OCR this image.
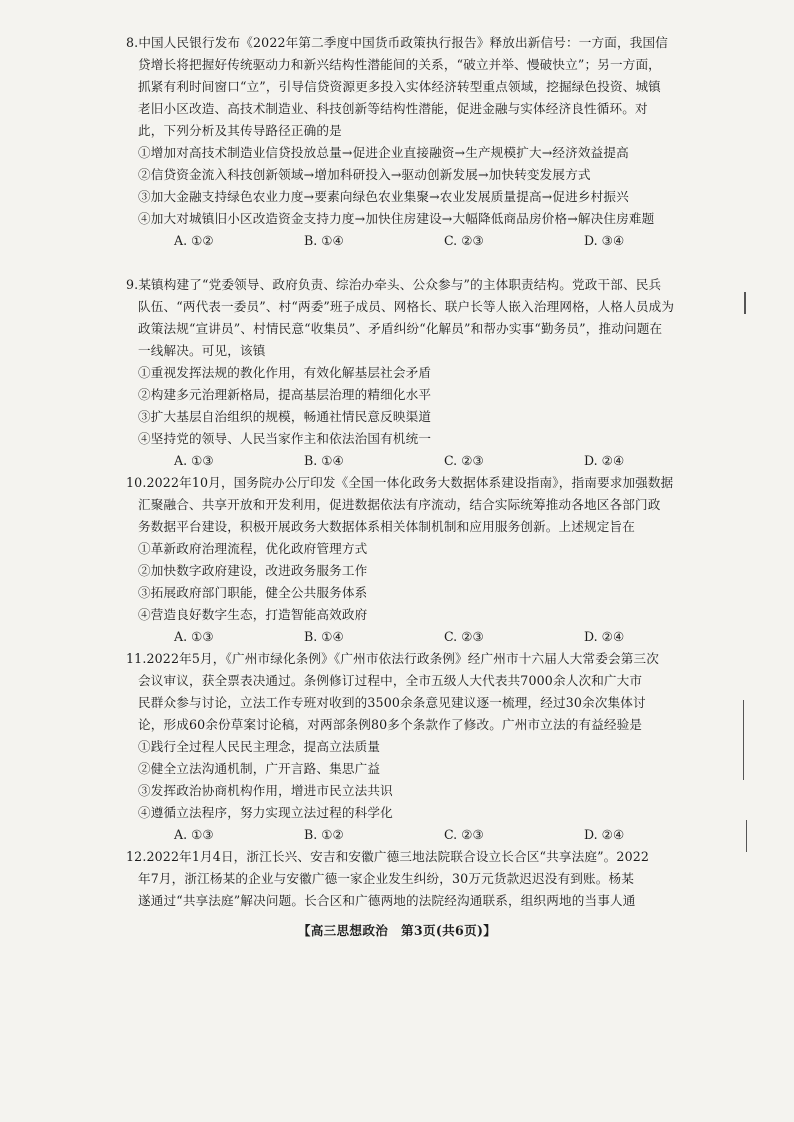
8.中国人民银行发布《2022年第二季度中国货币政策执行报告》释放出新信号：一方面，我国信
贷增长将把握好传统驱动力和新兴结构性潜能间的关系，“破立并举、慢破快立”；另一方面，
抓紧有利时间窗口“立”，引导信贷资源更多投入实体经济转型重点领域，挖掘绿色投资、城镇
老旧小区改造、高技术制造业、科技创新等结构性潜能，促进金融与实体经济良性循环。对
此，下列分析及其传导路径正确的是
①增加对高技术制造业信贷投放总量→促进企业直接融资→生产规模扩大→经济效益提高
②信贷资金流入科技创新领域→增加科研投入→驱动创新发展→加快转变发展方式
③加大金融支持绿色农业力度→要素向绿色农业集聚→农业发展质量提高→促进乡村振兴
④加大对城镇旧小区改造资金支持力度→加快住房建设→大幅降低商品房价格→解决住房难题
A. ①②	B. ①④	C. ②③	D. ③④
9.某镇构建了“党委领导、政府负责、综治办牵头、公众参与”的主体职责结构。党政干部、民兵
队伍、“两代表一委员”、村“两委”班子成员、网格长、联户长等人嵌入治理网格，人格人员成为
政策法规“宣讲员”、村情民意“收集员”、矛盾纠纷“化解员”和帮办实事“勤务员”，推动问题在
一线解决。可见，该镇
①重视发挥法规的教化作用，有效化解基层社会矛盾
②构建多元治理新格局，提高基层治理的精细化水平
③扩大基层自治组织的规模，畅通社情民意反映渠道
④坚持党的领导、人民当家作主和依法治国有机统一
A. ①③	B. ①④	C. ②③	D. ②④
10.2022年10月，国务院办公厅印发《全国一体化政务大数据体系建设指南》，指南要求加强数据
汇聚融合、共享开放和开发利用，促进数据依法有序流动，结合实际统筹推动各地区各部门政
务数据平台建设，积极开展政务大数据体系相关体制机制和应用服务创新。上述规定旨在
①革新政府治理流程，优化政府管理方式
②加快数字政府建设，改进政务服务工作
③拓展政府部门职能，健全公共服务体系
④营造良好数字生态，打造智能高效政府
A. ①③	B. ①④	C. ②③	D. ②④
11.2022年5月，《广州市绿化条例》《广州市依法行政条例》经广州市十六届人大常委会第三次
会议审议，获全票表决通过。条例修订过程中，全市五级人大代表共7000余人次和广大市
民群众参与讨论，立法工作专班对收到的3500余条意见建议逐一梳理，经过30余次集体讨
论，形成60余份草案讨论稿，对两部条例80多个条款作了修改。广州市立法的有益经验是
①践行全过程人民民主理念，提高立法质量
②健全立法沟通机制，广开言路、集思广益
③发挥政治协商机构作用，增进市民立法共识
④遵循立法程序，努力实现立法过程的科学化
A. ①③	B. ①②	C. ②③	D. ②④
12.2022年1月4日，浙江长兴、安吉和安徽广德三地法院联合设立长合区“共享法庭”。2022
年7月，浙江杨某的企业与安徽广德一家企业发生纠纷，30万元货款迟迟没有到账。杨某
遂通过“共享法庭”解决问题。长合区和广德两地的法院经沟通联系，组织两地的当事人通
【高三思想政治　第3页(共6页)】
